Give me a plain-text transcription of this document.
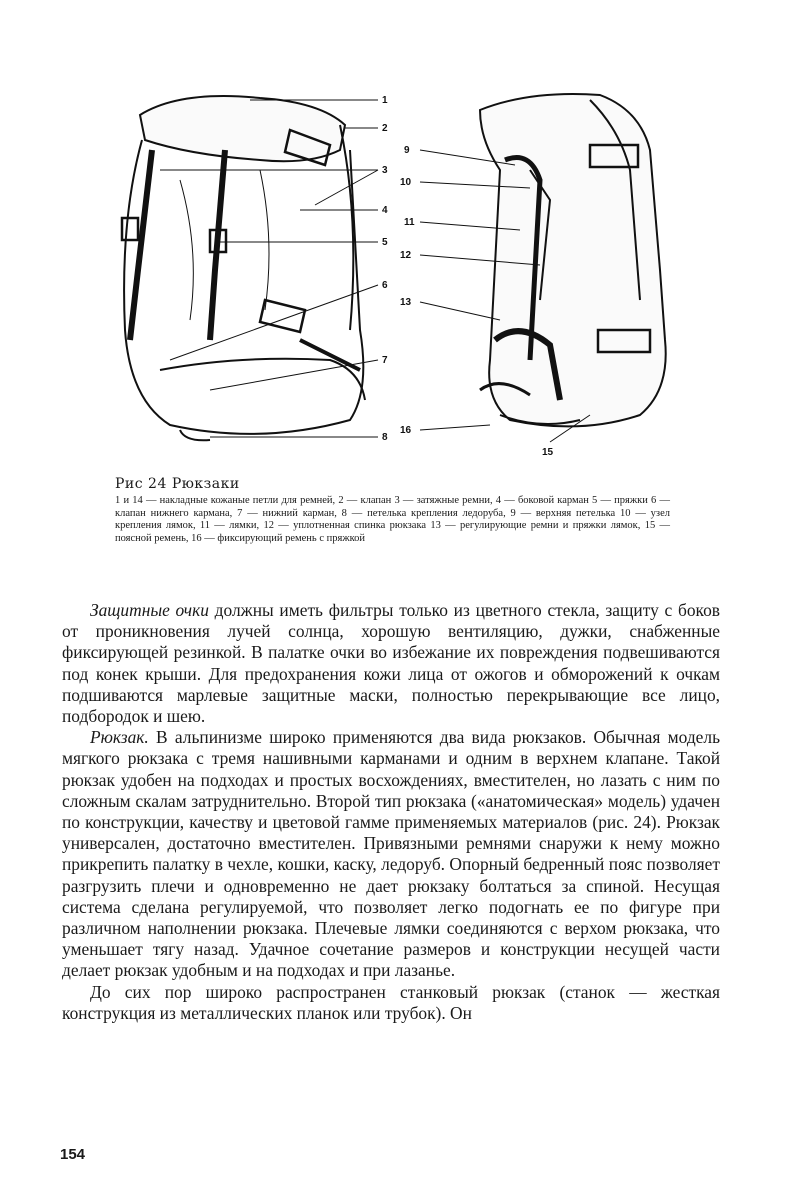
1
2
3
4
5
6
7
8
9
10
11
12
13
16
15
Рис 24 Рюкзаки
1 и 14 — накладные кожаные петли для ремней, 2 — клапан 3 — затяжные ремни, 4 — боковой карман 5 — пряжки 6 — клапан нижнего кармана, 7 — нижний карман, 8 — петелька крепления ледоруба, 9 — верхняя петелька 10 — узел крепления лямок, 11 — лямки, 12 — уплотненная спинка рюкзака 13 — регулирующие ремни и пряжки лямок, 15 — поясной ремень, 16 — фиксирующий ремень с пряжкой

Защитные очки должны иметь фильтры только из цветного стекла, защиту с боков от проникновения лучей солнца, хорошую вентиляцию, дужки, снабженные фиксирующей резинкой. В палатке очки во избежание их повреждения подвешиваются под конек крыши. Для предохранения кожи лица от ожогов и обморожений к очкам подшиваются марлевые защитные маски, полностью перекрывающие все лицо, подбородок и шею.

Рюкзак. В альпинизме широко применяются два вида рюкзаков. Обычная модель мягкого рюкзака с тремя нашивными карманами и одним в верхнем клапане. Такой рюкзак удобен на подходах и простых восхождениях, вместителен, но лазать с ним по сложным скалам затруднительно. Второй тип рюкзака («анатомическая» модель) удачен по конструкции, качеству и цветовой гамме применяемых материалов (рис. 24). Рюкзак универсален, достаточно вместителен. Привязными ремнями снаружи к нему можно прикрепить палатку в чехле, кошки, каску, ледоруб. Опорный бедренный пояс позволяет разгрузить плечи и одновременно не дает рюкзаку болтаться за спиной. Несущая система сделана регулируемой, что позволяет легко подогнать ее по фигуре при различном наполнении рюкзака. Плечевые лямки соединяются с верхом рюкзака, что уменьшает тягу назад. Удачное сочетание размеров и конструкции несущей части делает рюкзак удобным и на подходах и при лазанье.

До сих пор широко распространен станковый рюкзак (станок — жесткая конструкция из металлических планок или трубок). Он

154
